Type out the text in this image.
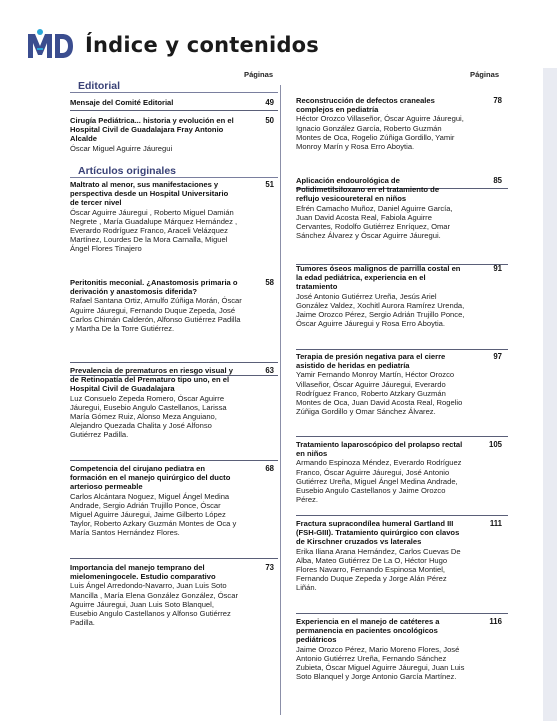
Índice y contenidos
Páginas
Editorial
Mensaje del Comité Editorial	49
Cirugía Pediátrica... historia y evolución en el Hospital Civil de Guadalajara Fray Antonio Alcalde
Óscar Miguel Aguirre Jáuregui
50
Artículos originales
Maltrato al menor, sus manifestaciones y perspectiva desde un Hospital Universitario de tercer nivel
Óscar Aguirre Jáuregui , Roberto Miguel Damián Negrete , María Guadalupe Márquez Hernández , Everardo Rodríguez Franco, Araceli Velázquez Martínez, Lourdes De la Mora Carnalla, Miguel Ángel Flores Tinajero
51
Peritonitis meconial. ¿Anastomosis primaria o derivación y anastomosis diferida?
Rafael Santana Ortiz, Arnulfo Zúñiga Morán, Óscar Aguirre Jáuregui, Fernando Duque Zepeda, José Carlos Chimán Calderón, Alfonso Gutiérrez Padilla y Martha De la Torre Gutiérrez.
58
Prevalencia de prematuros en riesgo visual y de Retinopatía del Prematuro tipo uno, en el Hospital Civil de Guadalajara
Luz Consuelo Zepeda Romero, Óscar Aguirre Jáuregui, Eusebio Angulo Castellanos, Larissa María Gómez Ruiz, Alonso Meza Anguiano, Alejandro Quezada Chalita y José Alfonso Gutiérrez Padilla.
63
Competencia del cirujano pediatra en formación en el manejo quirúrgico del ducto arterioso permeable
Carlos Alcántara Noguez, Miguel Ángel Medina Andrade, Sergio Adrián Trujillo Ponce, Óscar Miguel Aguirre Jáuregui, Jaime Gilberto López Taylor, Roberto Azkary Guzmán Montes de Oca y María Santos Hernández Flores.
68
Importancia del manejo temprano del mielomeningocele. Estudio comparativo
Luis Ángel Arredondo-Navarro, Juan Luis Soto Mancilla , María Elena González González, Óscar Aguirre Jáuregui, Juan Luis Soto Blanquel, Eusebio Angulo Castellanos y Alfonso Gutiérrez Padilla.
73
Páginas
Reconstrucción de defectos craneales complejos en pediatría
Héctor Orozco Villaseñor, Óscar Aguirre Jáuregui, Ignacio González García, Roberto Guzmán Montes de Oca, Rogelio Zúñiga Gordillo, Yamir Monroy Marín y Rosa Erro Aboytia.
78
Aplicación endourológica de Polidimetilsiloxano en el tratamiento de reflujo vesicoureteral en niños
Efrén Camacho Muñoz, Daniel Aguirre García, Juan David Acosta Real, Fabiola Aguirre Cervantes, Rodolfo Gutiérrez Enríquez, Omar Sánchez Álvarez y Óscar Aguirre Jáuregui.
85
Tumores óseos malignos de parrilla costal en la edad pediátrica, experiencia en el tratamiento
José Antonio Gutiérrez Ureña, Jesús Ariel González Valdez, Xochitl Aurora Ramírez Urenda, Jaime Orozco Pérez, Sergio Adrián Trujillo Ponce, Óscar Aguirre Jáuregui y Rosa Erro Aboytia.
91
Terapia de presión negativa para el cierre asistido de heridas en pediatría
Yamir Fernando Monroy Martín, Héctor Orozco Villaseñor, Óscar Aguirre Jáuregui, Everardo Rodríguez Franco, Roberto Atzkary Guzmán Montes de Oca, Juan David Acosta Real, Rogelio Zúñiga Gordillo y Omar Sánchez Álvarez.
97
Tratamiento laparoscópico del prolapso rectal en niños
Armando Espinoza Méndez, Everardo Rodríguez Franco, Óscar Aguirre Jáuregui, José Antonio Gutiérrez Ureña, Miguel Ángel Medina Andrade, Eusebio Angulo Castellanos y Jaime Orozco Pérez.
105
Fractura supracondílea humeral Gartland III (FSH-GIII). Tratamiento quirúrgico con clavos de Kirschner cruzados vs laterales
Erika Iliana Arana Hernández, Carlos Cuevas De Alba, Mateo Gutiérrez De La O, Héctor Hugo Flores Navarro, Fernando Espinosa Montiel, Fernando Duque Zepeda y Jorge Alán Pérez Liñán.
111
Experiencia en el manejo de catéteres a permanencia en pacientes oncológicos pediátricos
Jaime Orozco Pérez, Mario Moreno Flores, José Antonio Gutiérrez Ureña, Fernando Sánchez Zubieta, Óscar Miguel Aguirre Jáuregui, Juan Luis Soto Blanquel y Jorge Antonio García Martínez.
116
